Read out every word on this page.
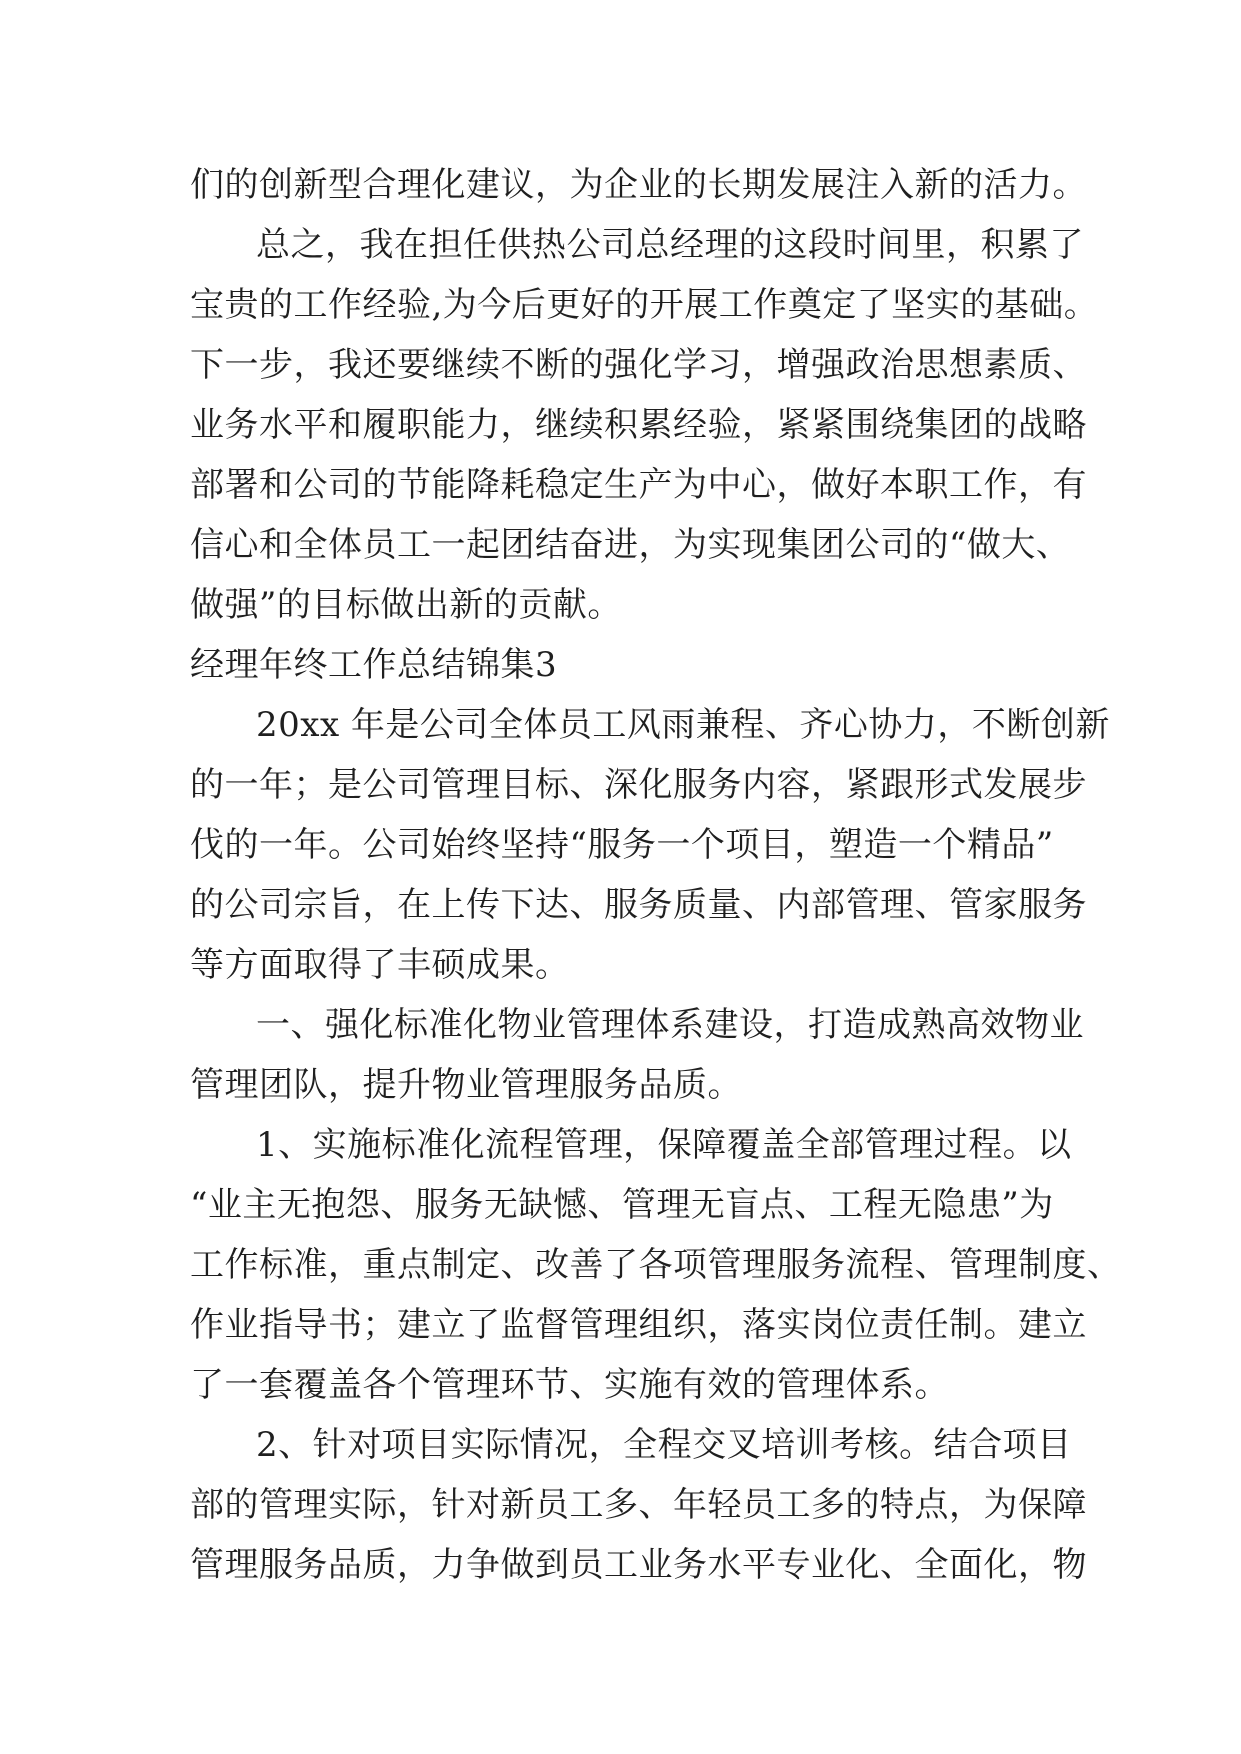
们的创新型合理化建议，为企业的长期发展注入新的活力。
总之，我在担任供热公司总经理的这段时间里，积累了
宝贵的工作经验,为今后更好的开展工作奠定了坚实的基础。
下一步，我还要继续不断的强化学习，增强政治思想素质、
业务水平和履职能力，继续积累经验，紧紧围绕集团的战略
部署和公司的节能降耗稳定生产为中心，做好本职工作，有
信心和全体员工一起团结奋进，为实现集团公司的“做大、
做强”的目标做出新的贡献。
经理年终工作总结锦集3
20xx 年是公司全体员工风雨兼程、齐心协力，不断创新
的一年；是公司管理目标、深化服务内容，紧跟形式发展步
伐的一年。公司始终坚持“服务一个项目，塑造一个精品”
的公司宗旨，在上传下达、服务质量、内部管理、管家服务
等方面取得了丰硕成果。
一、强化标准化物业管理体系建设，打造成熟高效物业
管理团队，提升物业管理服务品质。
1、实施标准化流程管理，保障覆盖全部管理过程。以
“业主无抱怨、服务无缺憾、管理无盲点、工程无隐患”为
工作标准，重点制定、改善了各项管理服务流程、管理制度、
作业指导书；建立了监督管理组织，落实岗位责任制。建立
了一套覆盖各个管理环节、实施有效的管理体系。
2、针对项目实际情况，全程交叉培训考核。结合项目
部的管理实际，针对新员工多、年轻员工多的特点，为保障
管理服务品质，力争做到员工业务水平专业化、全面化，物
